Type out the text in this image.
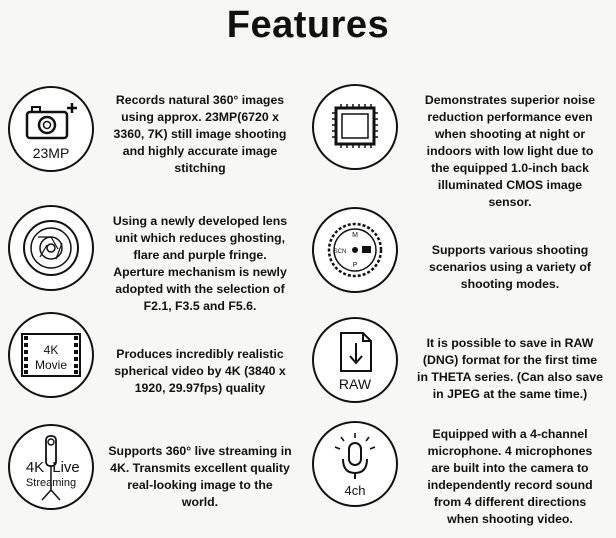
Features
23MP
Records natural 360° images
using approx. 23MP(6720 x
3360, 7K) still image shooting
and highly accurate image
stitching
Demonstrates superior noise
reduction performance even
when shooting at night or
indoors with low light due to
the equipped 1.0-inch back
illuminated CMOS image
sensor.
Using a newly developed lens
unit which reduces ghosting,
flare and purple fringe.
Aperture mechanism is newly
adopted with the selection of
F2.1, F3.5 and F5.6.
M
SCN
P
Supports various shooting
scenarios using a variety of
shooting modes.
4K
Movie
Produces incredibly realistic
spherical video by 4K (3840 x
1920, 29.97fps) quality	RAW
It is possible to save in RAW
(DNG) format for the first time
in THETA series. (Can also save
in JPEG at the same time.)
4K Live
Streaming
Supports 360° live streaming in
4K. Transmits excellent quality
real-looking image to the
world.
4ch
Equipped with a 4-channel
microphone. 4 microphones
are built into the camera to
independently record sound
from 4 different directions
when shooting video.
